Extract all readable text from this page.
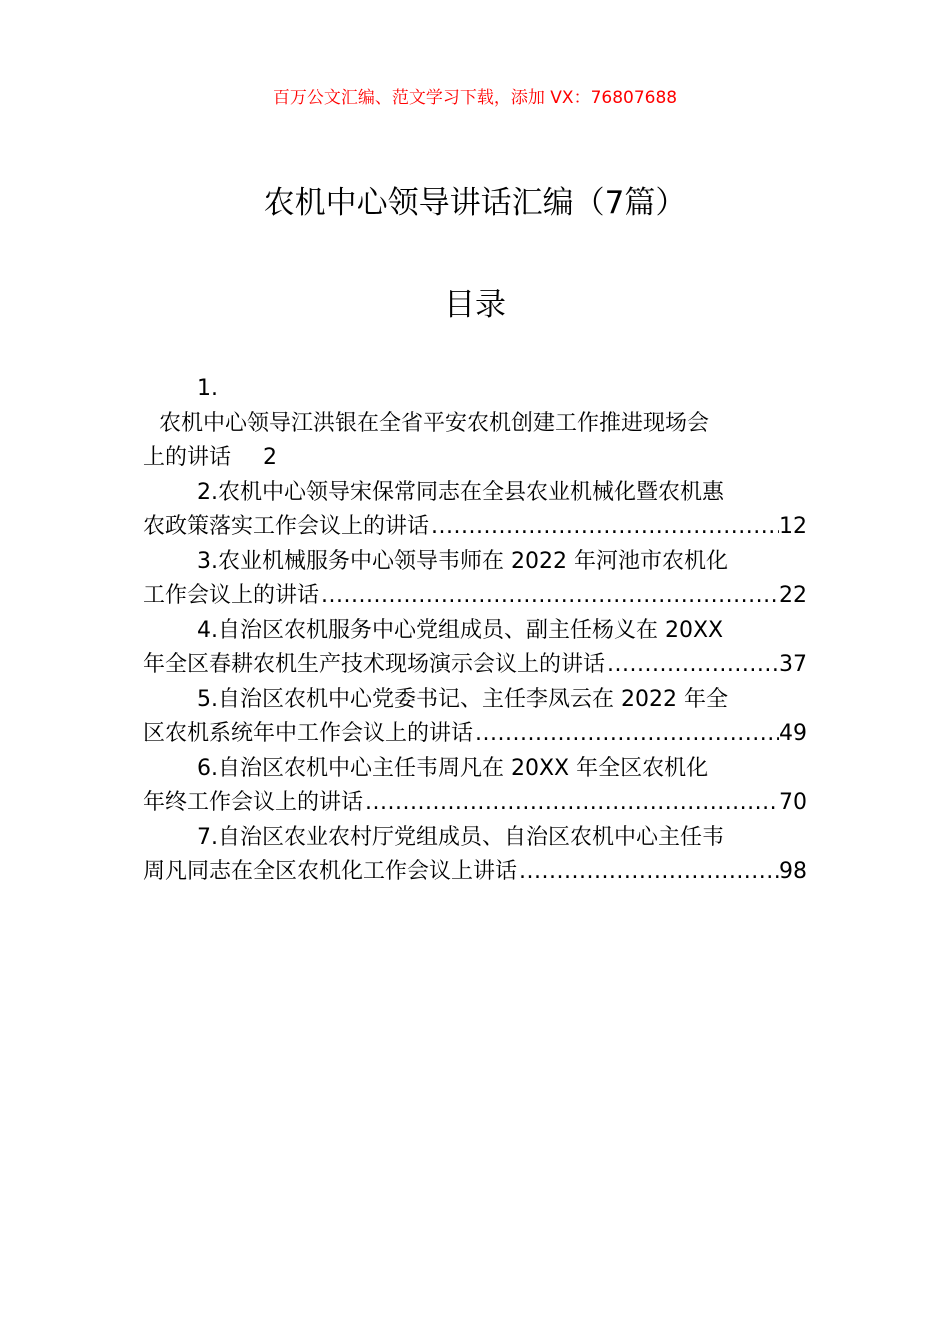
百万公文汇编、范文学习下载，添加 VX：76807688
农机中心领导讲话汇编（7篇）
目录
1.
农机中心领导江洪银在全省平安农机创建工作推进现场会
上的讲话 2
2.农机中心领导宋保常同志在全县农业机械化暨农机惠
农政策落实工作会议上的讲话 .....	12
3.农业机械服务中心领导韦师在 2022 年河池市农机化
工作会议上的讲话 .....	22
4.自治区农机服务中心党组成员、副主任杨义在 20XX
年全区春耕农机生产技术现场演示会议上的讲话 .....	37
5.自治区农机中心党委书记、主任李凤云在 2022 年全
区农机系统年中工作会议上的讲话 .....	49
6.自治区农机中心主任韦周凡在 20XX 年全区农机化
年终工作会议上的讲话 .....	70
7.自治区农业农村厅党组成员、自治区农机中心主任韦
周凡同志在全区农机化工作会议上讲话 .....	98
